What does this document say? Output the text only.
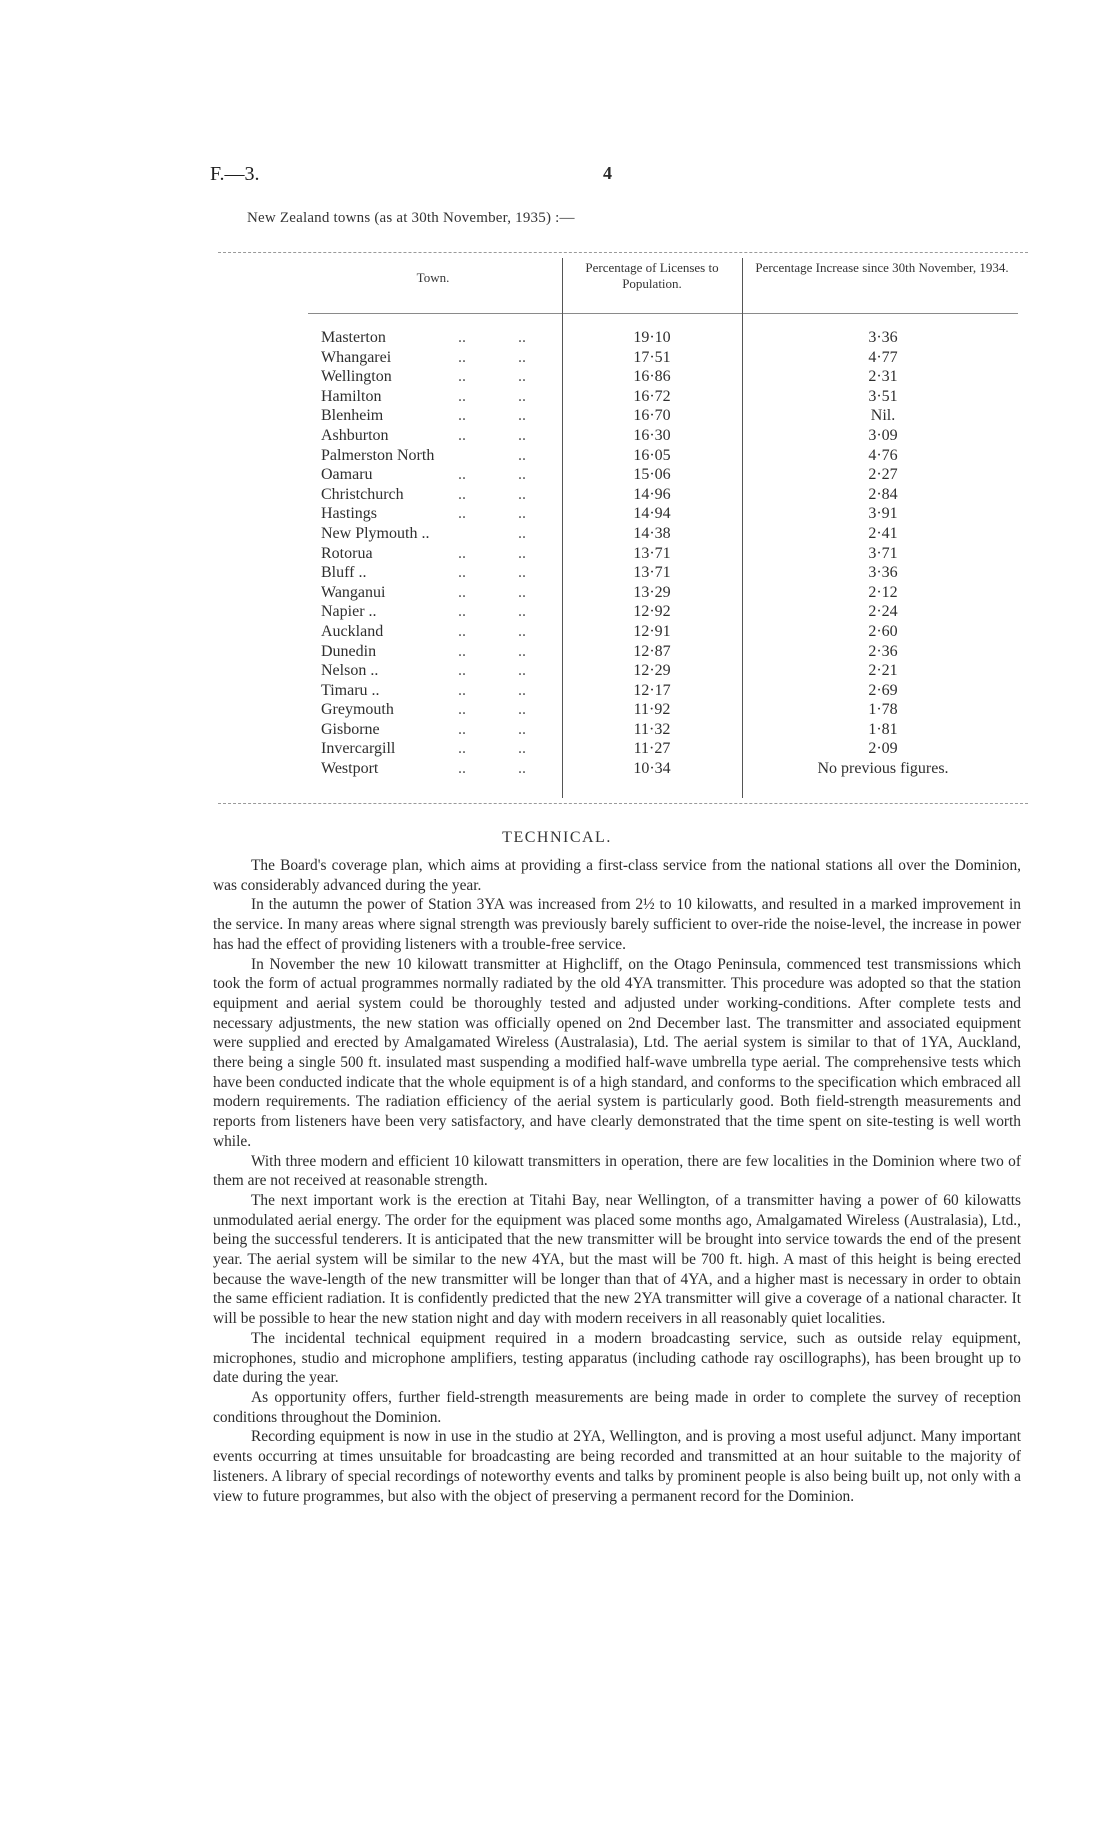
F.—3.	4
New Zealand towns (as at 30th November, 1935) :—
Town.
Percentage of Licenses to Population.
Percentage Increase since 30th November, 1934.
Masterton	..	..	19·10	3·36
Whangarei	..	..	17·51	4·77
Wellington	..	..	16·86	2·31
Hamilton	..	..	16·72	3·51
Blenheim	..	..	16·70	Nil.
Ashburton	..	..	16·30	3·09
Palmerston North	..	16·05	4·76
Oamaru	..	..	15·06	2·27
Christchurch	..	..	14·96	2·84
Hastings	..	..	14·94	3·91
New Plymouth ..	..	14·38	2·41
Rotorua	..	..	13·71	3·71
Bluff ..	..	..	13·71	3·36
Wanganui	..	..	13·29	2·12
Napier ..	..	..	12·92	2·24
Auckland	..	..	12·91	2·60
Dunedin	..	..	12·87	2·36
Nelson ..	..	..	12·29	2·21
Timaru ..	..	..	12·17	2·69
Greymouth	..	..	11·92	1·78
Gisborne	..	..	11·32	1·81
Invercargill	..	..	11·27	2·09
Westport	..	..	10·34	No previous figures.
TECHNICAL.

The Board's coverage plan, which aims at providing a first-class service from the national stations all over the Dominion, was considerably advanced during the year.

In the autumn the power of Station 3YA was increased from 2½ to 10 kilowatts, and resulted in a marked improvement in the service. In many areas where signal strength was previously barely sufficient to over-ride the noise-level, the increase in power has had the effect of providing listeners with a trouble-free service.

In November the new 10 kilowatt transmitter at Highcliff, on the Otago Peninsula, commenced test transmissions which took the form of actual programmes normally radiated by the old 4YA transmitter. This procedure was adopted so that the station equipment and aerial system could be thoroughly tested and adjusted under working-conditions. After complete tests and necessary adjustments, the new station was officially opened on 2nd December last. The transmitter and associated equipment were supplied and erected by Amalgamated Wireless (Australasia), Ltd. The aerial system is similar to that of 1YA, Auckland, there being a single 500 ft. insulated mast suspending a modified half-wave umbrella type aerial. The comprehensive tests which have been conducted indicate that the whole equipment is of a high standard, and conforms to the specification which embraced all modern requirements. The radiation efficiency of the aerial system is particularly good. Both field-strength measurements and reports from listeners have been very satisfactory, and have clearly demonstrated that the time spent on site-testing is well worth while.

With three modern and efficient 10 kilowatt transmitters in operation, there are few localities in the Dominion where two of them are not received at reasonable strength.

The next important work is the erection at Titahi Bay, near Wellington, of a transmitter having a power of 60 kilowatts unmodulated aerial energy. The order for the equipment was placed some months ago, Amalgamated Wireless (Australasia), Ltd., being the successful tenderers. It is anticipated that the new transmitter will be brought into service towards the end of the present year. The aerial system will be similar to the new 4YA, but the mast will be 700 ft. high. A mast of this height is being erected because the wave-length of the new transmitter will be longer than that of 4YA, and a higher mast is necessary in order to obtain the same efficient radiation. It is confidently predicted that the new 2YA transmitter will give a coverage of a national character. It will be possible to hear the new station night and day with modern receivers in all reasonably quiet localities.

The incidental technical equipment required in a modern broadcasting service, such as outside relay equipment, microphones, studio and microphone amplifiers, testing apparatus (including cathode ray oscillographs), has been brought up to date during the year.

As opportunity offers, further field-strength measurements are being made in order to complete the survey of reception conditions throughout the Dominion.

Recording equipment is now in use in the studio at 2YA, Wellington, and is proving a most useful adjunct. Many important events occurring at times unsuitable for broadcasting are being recorded and transmitted at an hour suitable to the majority of listeners. A library of special recordings of noteworthy events and talks by prominent people is also being built up, not only with a view to future programmes, but also with the object of preserving a permanent record for the Dominion.
